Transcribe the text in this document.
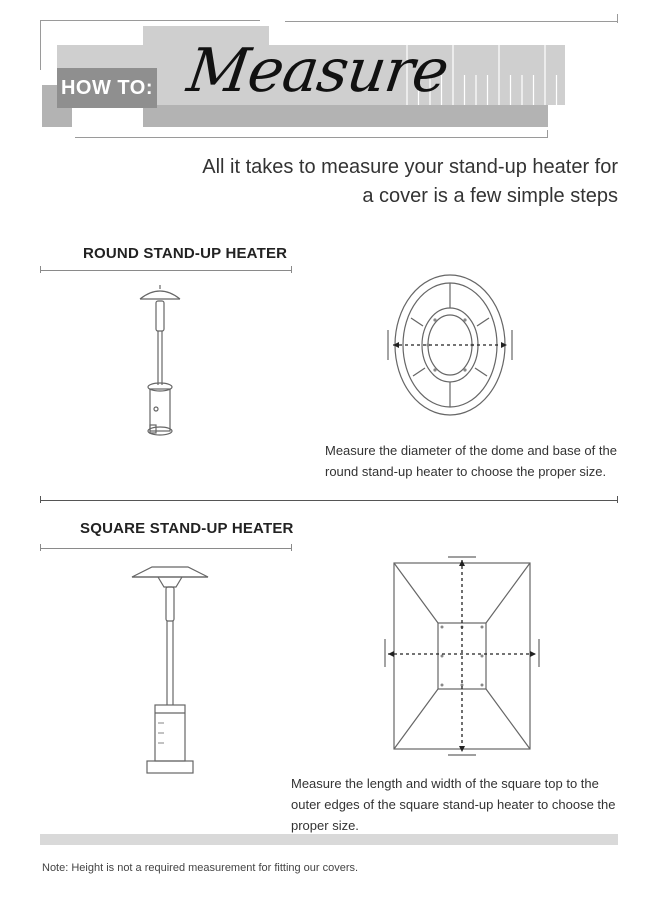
HOW TO: Measure
All it takes to measure your stand-up heater for a cover is a few simple steps
ROUND STAND-UP HEATER
Measure the diameter of the dome and base of the round stand-up heater to choose the proper size.
SQUARE STAND-UP HEATER
Measure the length and width of the square top to the outer edges of the square stand-up heater to choose the proper size.
Note: Height is not a required measurement for fitting our covers.
